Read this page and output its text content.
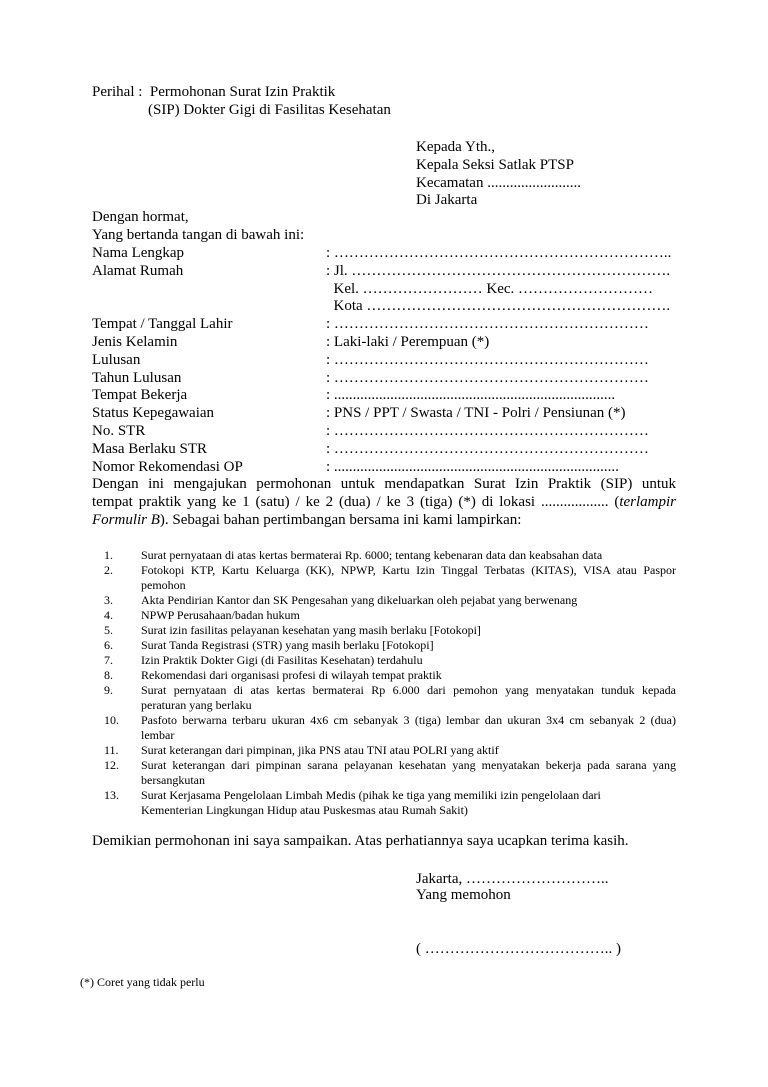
Perihal :  Permohonan Surat Izin Praktik
(SIP) Dokter Gigi di Fasilitas Kesehatan
Kepada Yth.,
Kepala Seksi Satlak PTSP
Kecamatan .........................
Di Jakarta
Dengan hormat,
Yang bertanda tangan di bawah ini:
Nama Lengkap	: …………………………………………………………..
Alamat Rumah	: Jl. ……………………………………………………….
Kel. …………………… Kec. ………………………
Kota …………………………………………………….
Tempat / Tanggal Lahir	: ………………………………………………………
Jenis Kelamin	: Laki-laki / Perempuan (*)
Lulusan	: ………………………………………………………
Tahun Lulusan	: ………………………………………………………
Tempat Bekerja	: ...........................................................................
Status Kepegawaian	: PNS / PPT / Swasta / TNI - Polri / Pensiunan (*)
No. STR	: ………………………………………………………
Masa Berlaku STR	: ………………………………………………………
Nomor Rekomendasi OP	: ............................................................................
Dengan ini mengajukan permohonan untuk mendapatkan Surat Izin Praktik (SIP) untuk
tempat praktik yang ke 1 (satu) / ke 2 (dua) / ke 3 (tiga) (*) di lokasi .................. (terlampir
Formulir B). Sebagai bahan pertimbangan bersama ini kami lampirkan:
1.	Surat pernyataan di atas kertas bermaterai Rp. 6000; tentang kebenaran data dan keabsahan data
2.	Fotokopi KTP, Kartu Keluarga (KK), NPWP, Kartu Izin Tinggal Terbatas (KITAS), VISA atau Paspor
pemohon
3.	Akta Pendirian Kantor dan SK Pengesahan yang dikeluarkan oleh pejabat yang berwenang
4.	NPWP Perusahaan/badan hukum
5.	Surat izin fasilitas pelayanan kesehatan yang masih berlaku [Fotokopi]
6.	Surat Tanda Registrasi (STR) yang masih berlaku [Fotokopi]
7.	Izin Praktik Dokter Gigi (di Fasilitas Kesehatan) terdahulu
8.	Rekomendasi dari organisasi profesi di wilayah tempat praktik
9.	Surat pernyataan di atas kertas bermaterai Rp 6.000 dari pemohon yang menyatakan tunduk kepada
peraturan yang berlaku
10.	Pasfoto berwarna terbaru ukuran 4x6 cm sebanyak 3 (tiga) lembar dan ukuran 3x4 cm sebanyak 2 (dua)
lembar
11.	Surat keterangan dari pimpinan, jika PNS atau TNI atau POLRI yang aktif
12.	Surat keterangan dari pimpinan sarana pelayanan kesehatan yang menyatakan bekerja pada sarana yang
bersangkutan
13.	Surat Kerjasama Pengelolaan Limbah Medis (pihak ke tiga yang memiliki izin pengelolaan dari
Kementerian Lingkungan Hidup atau Puskesmas atau Rumah Sakit)
Demikian permohonan ini saya sampaikan. Atas perhatiannya saya ucapkan terima kasih.
Jakarta, ………………………..
Yang memohon
( ……………………………….. )
(*) Coret yang tidak perlu
